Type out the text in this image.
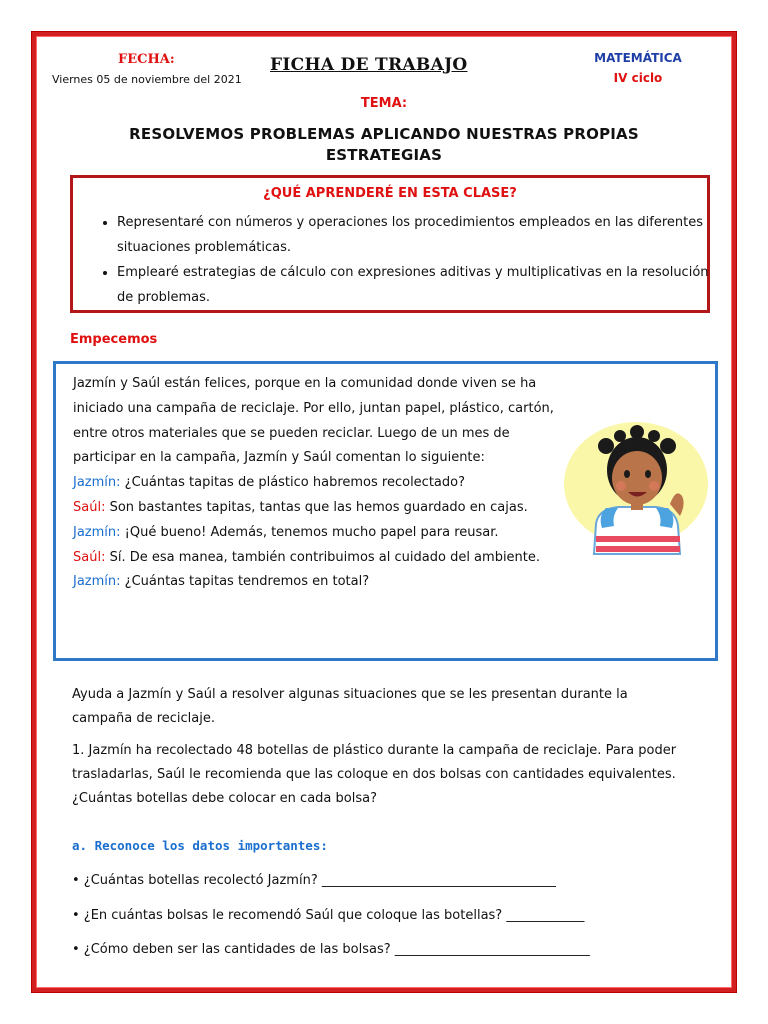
FECHA:
Viernes 05 de noviembre del 2021
FICHA DE TRABAJO	MATEMÁTICA
IV ciclo
TEMA:
RESOLVEMOS PROBLEMAS APLICANDO NUESTRAS PROPIAS ESTRATEGIAS
¿QUÉ APRENDERÉ EN ESTA CLASE?
• Representaré con números y operaciones los procedimientos empleados en las diferentes situaciones problemáticas.
• Emplearé estrategias de cálculo con expresiones aditivas y multiplicativas en la resolución de problemas.
Empecemos

Jazmín y Saúl están felices, porque en la comunidad donde viven se ha iniciado una campaña de reciclaje. Por ello, juntan papel, plástico, cartón, entre otros materiales que se pueden reciclar. Luego de un mes de participar en la campaña, Jazmín y Saúl comentan lo siguiente:

Jazmín: ¿Cuántas tapitas de plástico habremos recolectado?

Saúl: Son bastantes tapitas, tantas que las hemos guardado en cajas.

Jazmín: ¡Qué bueno! Además, tenemos mucho papel para reusar.

Saúl: Sí. De esa manea, también contribuimos al cuidado del ambiente.

Jazmín: ¿Cuántas tapitas tendremos en total?

Ayuda a Jazmín y Saúl a resolver algunas situaciones que se les presentan durante la campaña de reciclaje.
1. Jazmín ha recolectado 48 botellas de plástico durante la campaña de reciclaje. Para poder trasladarlas, Saúl le recomienda que las coloque en dos bolsas con cantidades equivalentes. ¿Cuántas botellas debe colocar en cada bolsa?
a. Reconoce los datos importantes:
• ¿Cuántas botellas recolectó Jazmín? ____________________________________
• ¿En cuántas bolsas le recomendó Saúl que coloque las botellas? ____________
• ¿Cómo deben ser las cantidades de las bolsas? ______________________________
